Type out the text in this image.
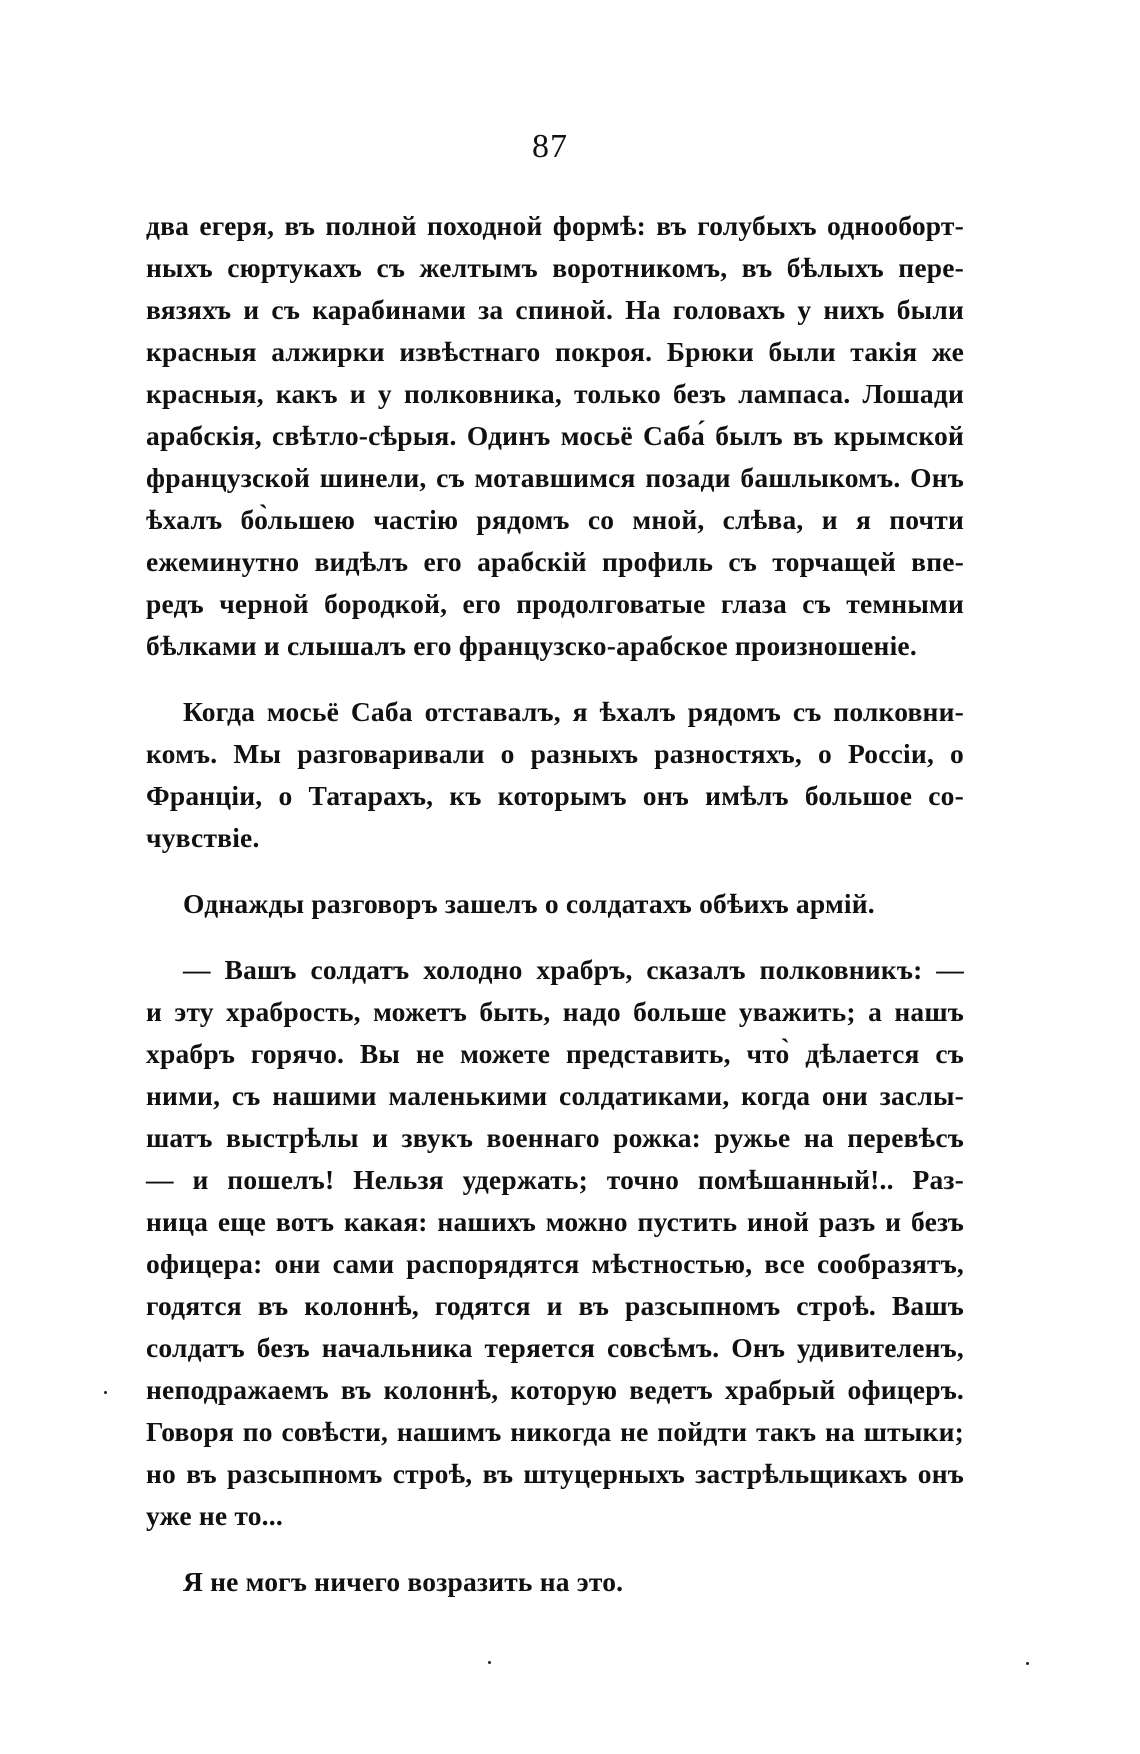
87

два егеря, въ полной походной формѣ: въ голубыхъ однооборт-
ныхъ сюртукахъ съ желтымъ воротникомъ, въ бѣлыхъ пере-
вязяхъ и съ карабинами за спиной. На головахъ у нихъ были
красныя алжирки извѣстнаго покроя. Брюки были такія же
красныя, какъ и у полковника, только безъ лампаса. Лошади
арабскія, свѣтло-сѣрыя. Одинъ мосьё Саба́ былъ въ крымской
французской шинели, съ мотавшимся позади башлыкомъ. Онъ
ѣхалъ бо̀льшею частію рядомъ со мной, слѣва, и я почти
ежеминутно видѣлъ его арабскій профиль съ торчащей впе-
редъ черной бородкой, его продолговатые глаза съ темными
бѣлками и слышалъ его французско-арабское произношеніе.

Когда мосьё Саба отставалъ, я ѣхалъ рядомъ съ полковни-
комъ. Мы разговаривали о разныхъ разностяхъ, о Россіи, о
Франціи, о Татарахъ, къ которымъ онъ имѣлъ большое со-
чувствіе.

Однажды разговоръ зашелъ о солдатахъ обѣихъ армій.

— Вашъ солдатъ холодно храбръ, сказалъ полковникъ: —
и эту храбрость, можетъ быть, надо больше уважить; а нашъ
храбръ горячо. Вы не можете представить, что̀ дѣлается съ
ними, съ нашими маленькими солдатиками, когда они заслы-
шатъ выстрѣлы и звукъ военнаго рожка: ружье на перевѣсъ
— и пошелъ! Нельзя удержать; точно помѣшанный!.. Раз-
ница еще вотъ какая: нашихъ можно пустить иной разъ и безъ
офицера: они сами распорядятся мѣстностью, все сообразятъ,
годятся въ колоннѣ, годятся и въ разсыпномъ строѣ. Вашъ
солдатъ безъ начальника теряется совсѣмъ. Онъ удивителенъ,
неподражаемъ въ колоннѣ, которую ведетъ храбрый офицеръ.
Говоря по совѣсти, нашимъ никогда не пойдти такъ на штыки;
но въ разсыпномъ строѣ, въ штуцерныхъ застрѣльщикахъ онъ
уже не то...

Я не могъ ничего возразить на это.
